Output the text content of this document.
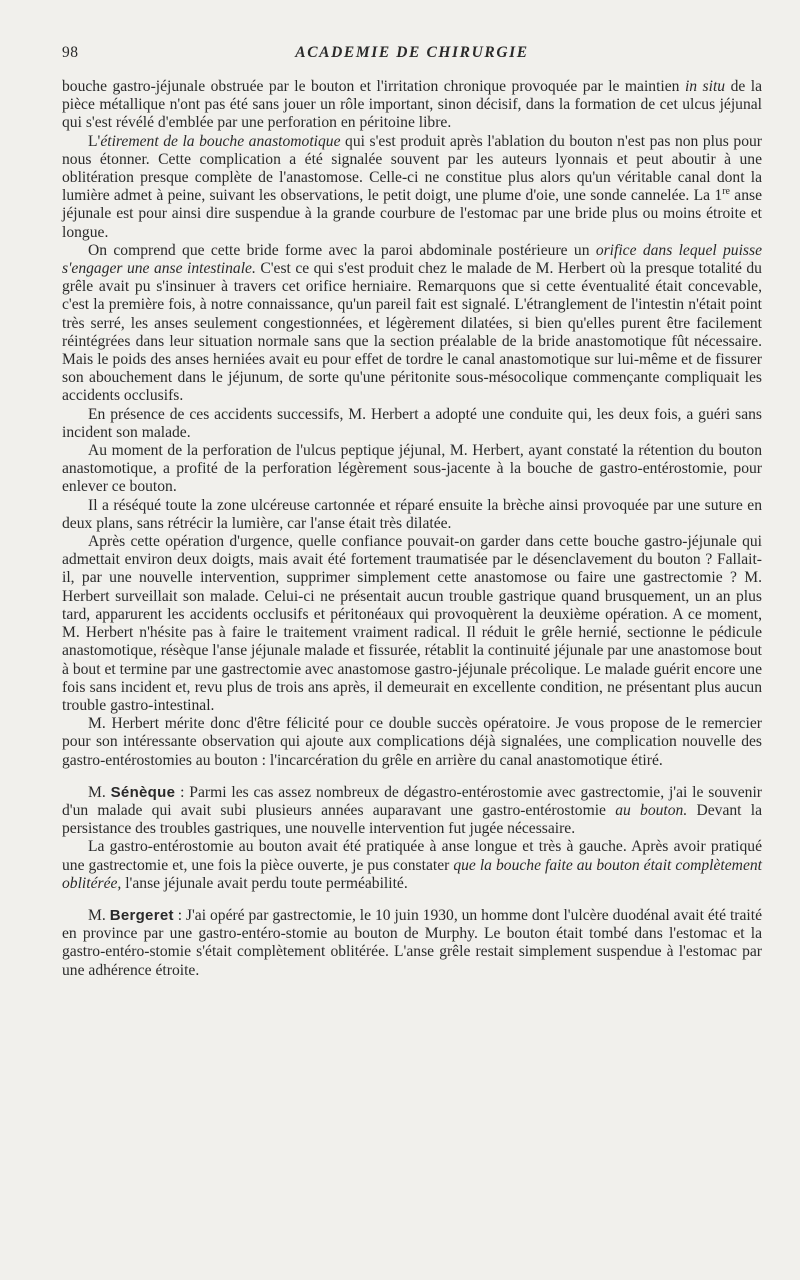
98	ACADEMIE DE CHIRURGIE

bouche gastro-jéjunale obstruée par le bouton et l'irritation chronique provoquée par le maintien in situ de la pièce métallique n'ont pas été sans jouer un rôle important, sinon décisif, dans la formation de cet ulcus jéjunal qui s'est révélé d'emblée par une perforation en péritoine libre.

L'étirement de la bouche anastomotique qui s'est produit après l'ablation du bouton n'est pas non plus pour nous étonner. Cette complication a été signalée souvent par les auteurs lyonnais et peut aboutir à une oblitération presque complète de l'anastomose. Celle-ci ne constitue plus alors qu'un véritable canal dont la lumière admet à peine, suivant les observations, le petit doigt, une plume d'oie, une sonde cannelée. La 1re anse jéjunale est pour ainsi dire suspendue à la grande courbure de l'estomac par une bride plus ou moins étroite et longue.

On comprend que cette bride forme avec la paroi abdominale postérieure un orifice dans lequel puisse s'engager une anse intestinale. C'est ce qui s'est produit chez le malade de M. Herbert où la presque totalité du grêle avait pu s'insinuer à travers cet orifice herniaire. Remarquons que si cette éventualité était concevable, c'est la première fois, à notre connaissance, qu'un pareil fait est signalé. L'étranglement de l'intestin n'était point très serré, les anses seulement congestionnées, et légèrement dilatées, si bien qu'elles purent être facilement réintégrées dans leur situation normale sans que la section préalable de la bride anastomotique fût nécessaire. Mais le poids des anses herniées avait eu pour effet de tordre le canal anastomotique sur lui-même et de fissurer son abouchement dans le jéjunum, de sorte qu'une péritonite sous-mésocolique commençante compliquait les accidents occlusifs.

En présence de ces accidents successifs, M. Herbert a adopté une conduite qui, les deux fois, a guéri sans incident son malade.

Au moment de la perforation de l'ulcus peptique jéjunal, M. Herbert, ayant constaté la rétention du bouton anastomotique, a profité de la perforation légèrement sous-jacente à la bouche de gastro-entérostomie, pour enlever ce bouton.

Il a réséqué toute la zone ulcéreuse cartonnée et réparé ensuite la brèche ainsi provoquée par une suture en deux plans, sans rétrécir la lumière, car l'anse était très dilatée.

Après cette opération d'urgence, quelle confiance pouvait-on garder dans cette bouche gastro-jéjunale qui admettait environ deux doigts, mais avait été fortement traumatisée par le désenclavement du bouton ? Fallait-il, par une nouvelle intervention, supprimer simplement cette anastomose ou faire une gastrectomie ? M. Herbert surveillait son malade. Celui-ci ne présentait aucun trouble gastrique quand brusquement, un an plus tard, apparurent les accidents occlusifs et péritonéaux qui provoquèrent la deuxième opération. A ce moment, M. Herbert n'hésite pas à faire le traitement vraiment radical. Il réduit le grêle hernié, sectionne le pédicule anastomotique, résèque l'anse jéjunale malade et fissurée, rétablit la continuité jéjunale par une anastomose bout à bout et termine par une gastrectomie avec anastomose gastro-jéjunale précolique. Le malade guérit encore une fois sans incident et, revu plus de trois ans après, il demeurait en excellente condition, ne présentant plus aucun trouble gastro-intestinal.

M. Herbert mérite donc d'être félicité pour ce double succès opératoire. Je vous propose de le remercier pour son intéressante observation qui ajoute aux complications déjà signalées, une complication nouvelle des gastro-entérostomies au bouton : l'incarcération du grêle en arrière du canal anastomotique étiré.

M. Sénèque : Parmi les cas assez nombreux de dégastro-entérostomie avec gastrectomie, j'ai le souvenir d'un malade qui avait subi plusieurs années auparavant une gastro-entérostomie au bouton. Devant la persistance des troubles gastriques, une nouvelle intervention fut jugée nécessaire.

La gastro-entérostomie au bouton avait été pratiquée à anse longue et très à gauche. Après avoir pratiqué une gastrectomie et, une fois la pièce ouverte, je pus constater que la bouche faite au bouton était complètement oblitérée, l'anse jéjunale avait perdu toute perméabilité.

M. Bergeret : J'ai opéré par gastrectomie, le 10 juin 1930, un homme dont l'ulcère duodénal avait été traité en province par une gastro-entéro-stomie au bouton de Murphy. Le bouton était tombé dans l'estomac et la gastro-entéro-stomie s'était complètement oblitérée. L'anse grêle restait simplement suspendue à l'estomac par une adhérence étroite.
